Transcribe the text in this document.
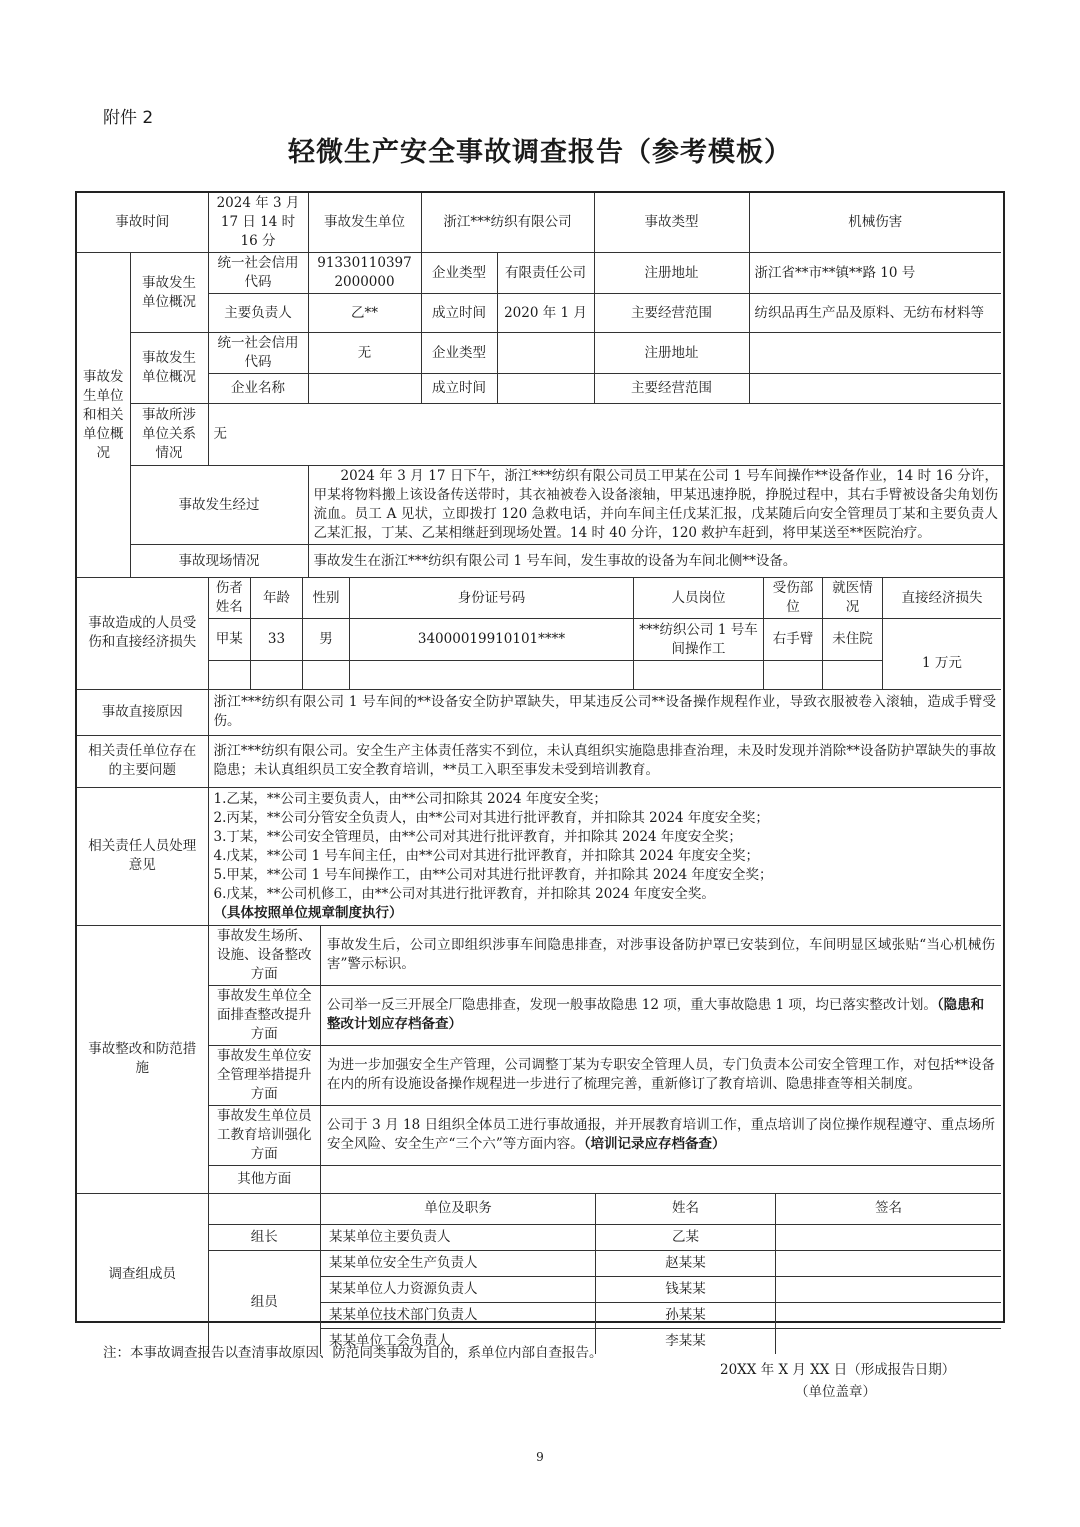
附件 2
轻微生产安全事故调查报告（参考模板）
事故时间	2024 年 3 月 17 日 14 时 16 分	事故发生单位	浙江***纺织有限公司	事故类型	机械伤害
事故发生单位和相关单位概况	事故发生单位概况	统一社会信用代码	913301103972000000	企业类型	有限责任公司	注册地址	浙江省**市**镇**路 10 号
主要负责人	乙**	成立时间	2020 年 1 月	主要经营范围	纺织品再生产品及原料、无纺布材料等
事故发生单位概况	统一社会信用代码	无	企业类型		注册地址	
企业名称		成立时间		主要经营范围	
事故所涉单位关系情况	无
事故发生经过	2024 年 3 月 17 日下午，浙江***纺织有限公司员工甲某在公司 1 号车间操作**设备作业，14 时 16 分许，甲某将物料搬上该设备传送带时，其衣袖被卷入设备滚轴，甲某迅速挣脱，挣脱过程中，其右手臂被设备尖角划伤流血。员工 A 见状，立即拨打 120 急救电话，并向车间主任戊某汇报，戊某随后向安全管理员丁某和主要负责人乙某汇报，丁某、乙某相继赶到现场处置。14 时 40 分许，120 救护车赶到，将甲某送至**医院治疗。
事故现场情况	事故发生在浙江***纺织有限公司 1 号车间，发生事故的设备为车间北侧**设备。
事故造成的人员受伤和直接经济损失	
伤者姓名	年龄	性别	身份证号码	人员岗位	受伤部位	就医情况	直接经济损失
甲某	33	男	34000019910101****	***纺织公司 1 号车间操作工	右手臂	未住院	1 万元

事故直接原因	浙江***纺织有限公司 1 号车间的**设备安全防护罩缺失，甲某违反公司**设备操作规程作业，导致衣服被卷入滚轴，造成手臂受伤。
相关责任单位存在的主要问题	浙江***纺织有限公司。安全生产主体责任落实不到位，未认真组织实施隐患排查治理，未及时发现并消除**设备防护罩缺失的事故隐患；未认真组织员工安全教育培训，**员工入职至事发未受到培训教育。
相关责任人员处理意见	
1.乙某，**公司主要负责人，由**公司扣除其 2024 年度安全奖；
2.丙某，**公司分管安全负责人，由**公司对其进行批评教育，并扣除其 2024 年度安全奖；
3.丁某，**公司安全管理员，由**公司对其进行批评教育，并扣除其 2024 年度安全奖；
4.戊某，**公司 1 号车间主任，由**公司对其进行批评教育，并扣除其 2024 年度安全奖；
5.甲某，**公司 1 号车间操作工，由**公司对其进行批评教育，并扣除其 2024 年度安全奖；
6.戊某，**公司机修工，由**公司对其进行批评教育，并扣除其 2024 年度安全奖。
（具体按照单位规章制度执行）

事故整改和防范措施	
事故发生场所、设施、设备整改方面	事故发生后，公司立即组织涉事车间隐患排查，对涉事设备防护罩已安装到位，车间明显区域张贴“当心机械伤害”警示标识。
事故发生单位全面排查整改提升方面	公司举一反三开展全厂隐患排查，发现一般事故隐患 12 项，重大事故隐患 1 项，均已落实整改计划。（隐患和整改计划应存档备查）
事故发生单位安全管理举措提升方面	为进一步加强安全生产管理，公司调整丁某为专职安全管理人员，专门负责本公司安全管理工作，对包括**设备在内的所有设施设备操作规程进一步进行了梳理完善，重新修订了教育培训、隐患排查等相关制度。
事故发生单位员工教育培训强化方面	公司于 3 月 18 日组织全体员工进行事故通报，并开展教育培训工作，重点培训了岗位操作规程遵守、重点场所安全风险、安全生产“三个六”等方面内容。（培训记录应存档备查）
其他方面	

调查组成员	
	单位及职务	姓名	签名
组长	某某单位主要负责人	乙某	
组员	某某单位安全生产负责人	赵某某	
某某单位人力资源负责人	钱某某	
某某单位技术部门负责人	孙某某	
某某单位工会负责人	李某某	
注：本事故调查报告以查清事故原因、防范同类事故为目的，系单位内部自查报告。
20XX 年 X 月 XX 日（形成报告日期）
（单位盖章）
9
